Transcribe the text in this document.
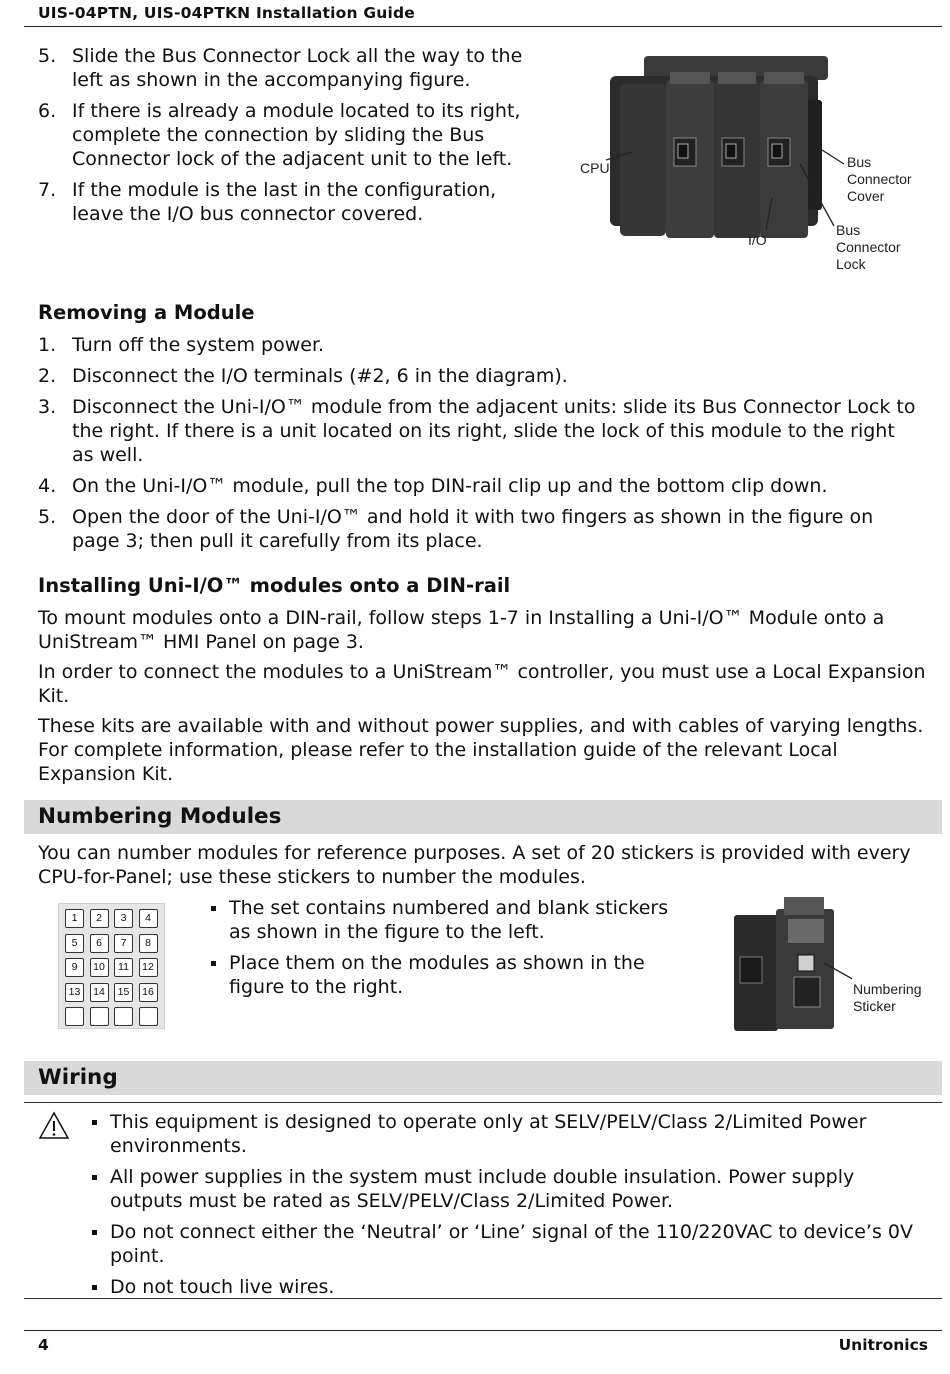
UIS-04PTN, UIS-04PTKN Installation Guide
5. Slide the Bus Connector Lock all the way to the left as shown in the accompanying figure.
6. If there is already a module located to its right, complete the connection by sliding the Bus Connector lock of the adjacent unit to the left.
7. If the module is the last in the configuration, leave the I/O bus connector covered.
CPU
I/O
Bus Connector Cover
Bus Connector Lock
Removing a Module
1. Turn off the system power.
2. Disconnect the I/O terminals (#2, 6 in the diagram).
3. Disconnect the Uni-I/O™ module from the adjacent units: slide its Bus Connector Lock to the right. If there is a unit located on its right, slide the lock of this module to the right as well.
4. On the Uni-I/O™ module, pull the top DIN-rail clip up and the bottom clip down.
5. Open the door of the Uni-I/O™ and hold it with two fingers as shown in the figure on page 3; then pull it carefully from its place.
Installing Uni-I/O™ modules onto a DIN-rail

To mount modules onto a DIN-rail, follow steps 1-7 in Installing a Uni-I/O™ Module onto a UniStream™ HMI Panel on page 3.

In order to connect the modules to a UniStream™ controller, you must use a Local Expansion Kit.

These kits are available with and without power supplies, and with cables of varying lengths. For complete information, please refer to the installation guide of the relevant Local Expansion Kit.

Numbering Modules

You can number modules for reference purposes. A set of 20 stickers is provided with every CPU-for-Panel; use these stickers to number the modules.

1	2	3	4
5	6	7	8
9	10	11	12
13	14	15	16
The set contains numbered and blank stickers as shown in the figure to the left.
Place them on the modules as shown in the figure to the right.	Numbering Sticker
Wiring
This equipment is designed to operate only at SELV/PELV/Class 2/Limited Power environments.
All power supplies in the system must include double insulation. Power supply outputs must be rated as SELV/PELV/Class 2/Limited Power.
Do not connect either the ‘Neutral’ or ‘Line’ signal of the 110/220VAC to device’s 0V point.
Do not touch live wires.
4	Unitronics
